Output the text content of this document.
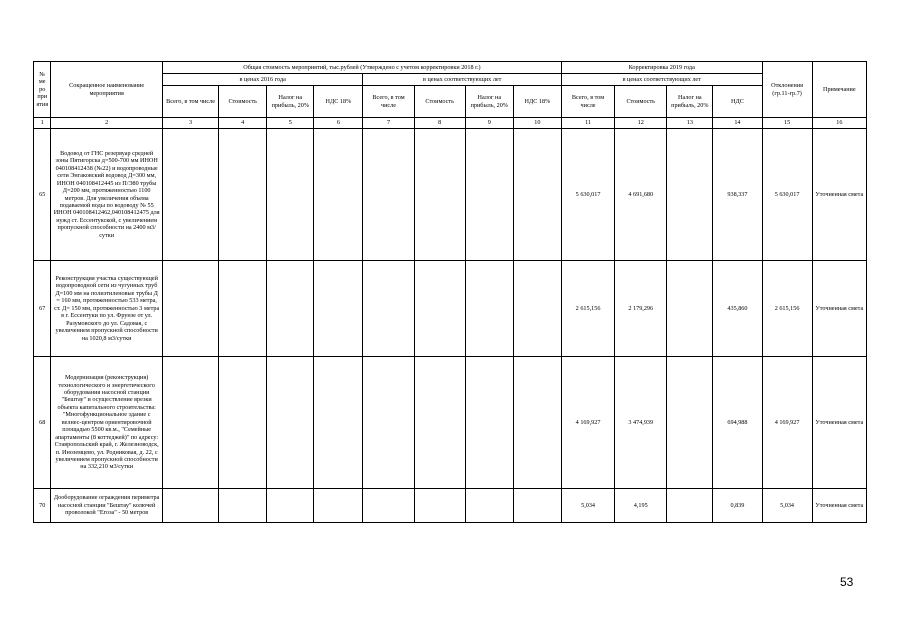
№ ме ро при ятия	Сокращенное наименование мероприятия	Общая стоимость мероприятий, тыс.рублей (Утверждено с учетом корректировки 2018 г.)								Корректировка 2019 года				Отклонения (гр.11-гр.7)	Примечание
		в ценах 2016 года				в ценах соответствующих лет				в ценах соответствующих лет					
		Всего, в том числе	Стоимость	Налог на прибыль, 20%	НДС 18%	Всего, в том числе	Стоимость	Налог на прибыль, 20%	НДС 18%	Всего, в том числе	Стоимость	Налог на прибыль, 20%	НДС		
1	2	3	4	5	6	7	8	9	10	11	12	13	14	15	16
65	Водовод от ГНС резервуар средней зоны Пятигорска д=500-700 мм ИНОН 040108412438 (№22) и водопроводные сети Энгаковский водовод Д=300 мм, ИНОН 040108412445 из П/Э80 трубы Д=200 мм, протяженностью 1100 метров. Для увеличения объема подаваемой воды по водоводу № 55 ИНОН 040108412462,040108412475 для нужд ст. Ессентукской, с увеличением пропускной способности на 2400 м3/сутки									5 630,017	4 691,680		938,337	5 630,017	Уточненная смета
67	Реконструкция участка существующей водопроводной сети из чугунных труб Д=100 мм на полиэтиленовые трубы Д = 160 мм, протяженностью 533 метра, ст. Д= 150 мм, протяженностью 3 метра в г. Ессентуки по ул. Фрунзе от ул. Разумовского до ул. Садовая, с увеличением пропускной способности на 1020,8 м3/сутки									2 615,156	2 179,296		435,860	2 615,156	Уточненная смета
68	Модернизация (реконструкция) технологического и энергетического оборудования насосной станции "Бештау" и осуществление врезки объекта капитального строительства: "Многофункциональное здание с велнес-центром ориентировочной площадью 5500 кв.м., "Семейные апартаменты (8 коттеджей)" по адресу: Ставропольский край, г. Железноводск, п. Иноземцево, ул. Родниковая, д. 22, с увеличением пропускной способности на 332,210 м3/сутки									4 169,927	3 474,939		694,988	4 169,927	Уточненная смета
70	Дооборудование ограждения периметра насосной станции "Бештау" колючей проволокой "Егоза" - 50 метров									5,034	4,195		0,839	5,034	Уточненная смета
53
